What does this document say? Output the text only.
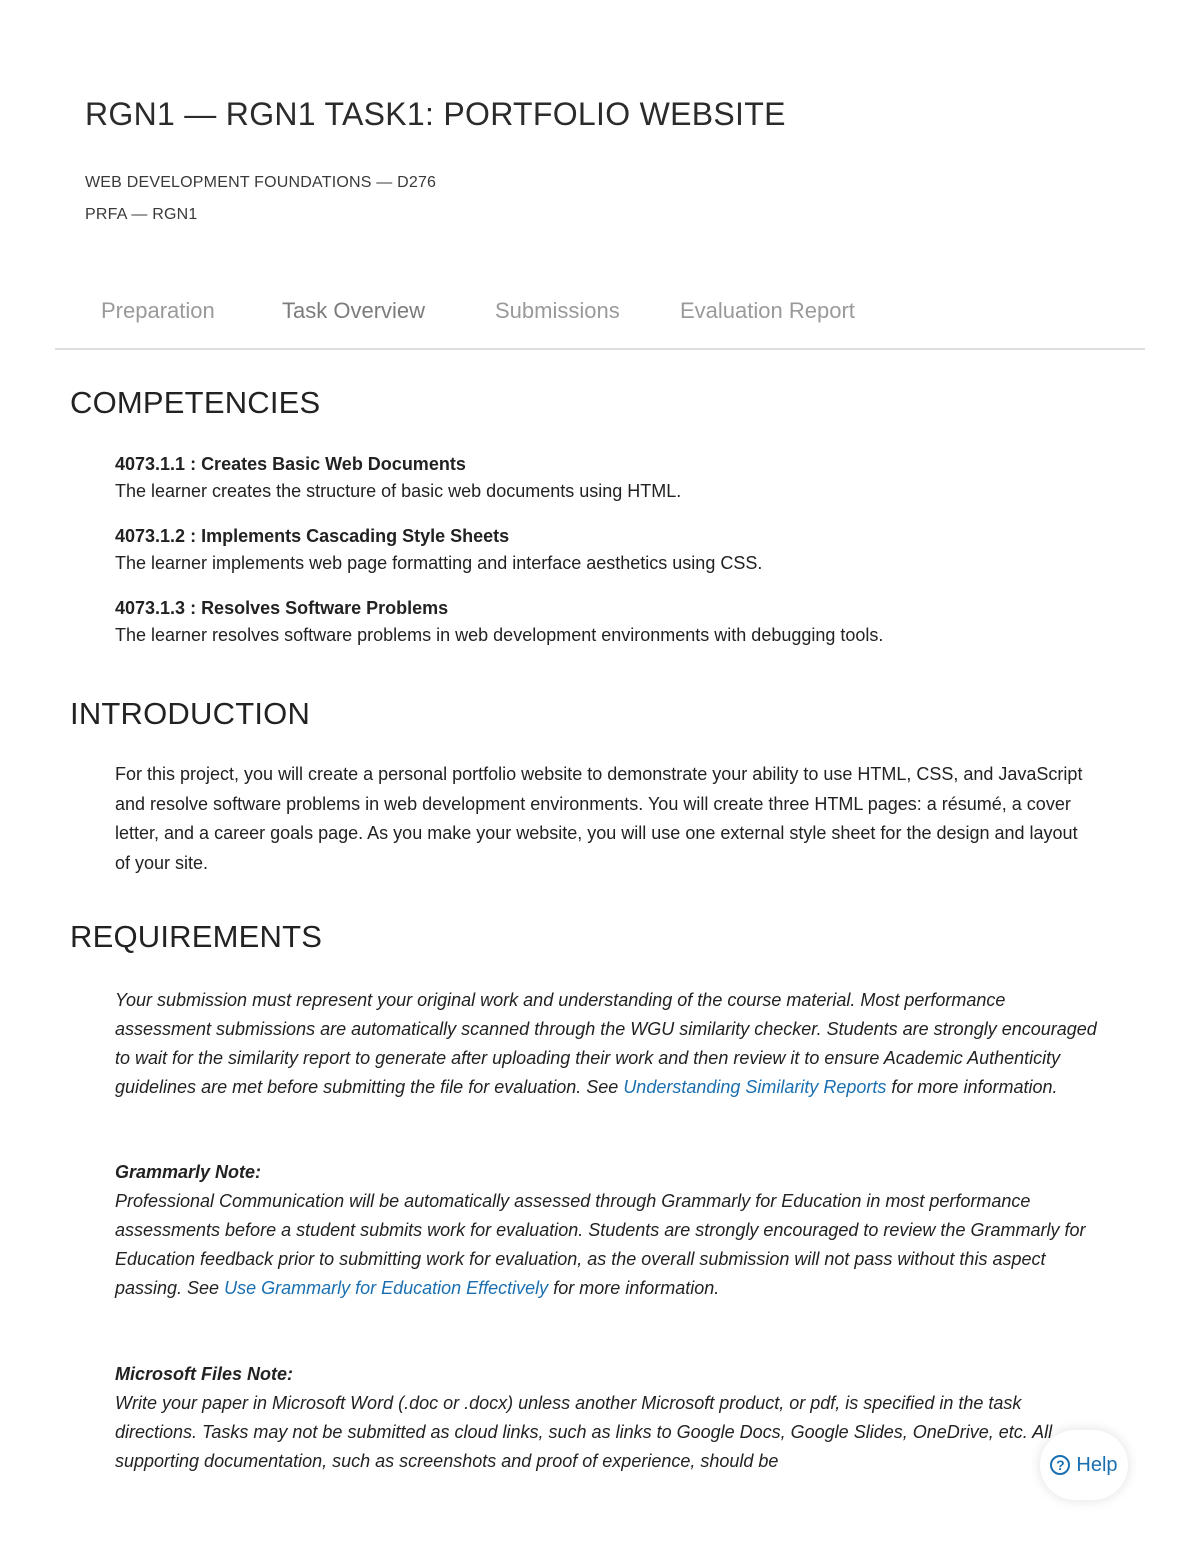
RGN1 — RGN1 TASK1: PORTFOLIO WEBSITE
WEB DEVELOPMENT FOUNDATIONS — D276
PRFA — RGN1
Preparation	Task Overview	Submissions	Evaluation Report
COMPETENCIES
4073.1.1 : Creates Basic Web Documents
The learner creates the structure of basic web documents using HTML.
4073.1.2 : Implements Cascading Style Sheets
The learner implements web page formatting and interface aesthetics using CSS.
4073.1.3 : Resolves Software Problems
The learner resolves software problems in web development environments with debugging tools.
INTRODUCTION

For this project, you will create a personal portfolio website to demonstrate your ability to use HTML, CSS, and JavaScript and resolve software problems in web development environments. You will create three HTML pages: a résumé, a cover letter, and a career goals page. As you make your website, you will use one external style sheet for the design and layout of your site.

REQUIREMENTS

Your submission must represent your original work and understanding of the course material. Most performance assessment submissions are automatically scanned through the WGU similarity checker. Students are strongly encouraged to wait for the similarity report to generate after uploading their work and then review it to ensure Academic Authenticity guidelines are met before submitting the file for evaluation. See Understanding Similarity Reports for more information.

Grammarly Note:
Professional Communication will be automatically assessed through Grammarly for Education in most performance assessments before a student submits work for evaluation. Students are strongly encouraged to review the Grammarly for Education feedback prior to submitting work for evaluation, as the overall submission will not pass without this aspect passing. See Use Grammarly for Education Effectively for more information.

Microsoft Files Note:
Write your paper in Microsoft Word (.doc or .docx) unless another Microsoft product, or pdf, is specified in the task directions. Tasks may not be submitted as cloud links, such as links to Google Docs, Google Slides, OneDrive, etc. All supporting documentation, such as screenshots and proof of experience, should be	? Help
